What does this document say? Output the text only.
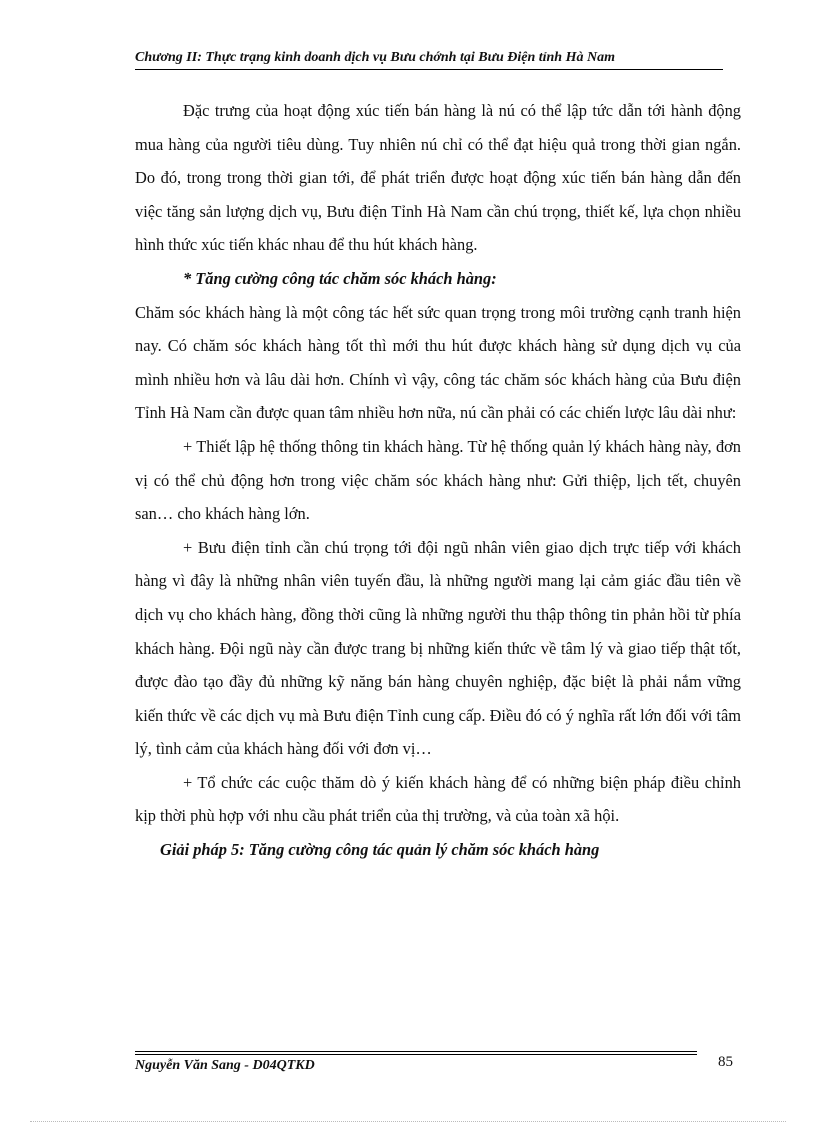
Chương II: Thực trạng kinh doanh dịch vụ Bưu chớnh tại Bưu Điện tỉnh Hà Nam

Đặc trưng của hoạt động xúc tiến bán hàng là nú có thể lập tức dẫn tới hành động mua hàng của người tiêu dùng. Tuy nhiên nú chỉ có thể đạt hiệu quả trong thời gian ngắn. Do đó, trong trong thời gian tới, để phát triển được hoạt động xúc tiến bán hàng dẫn đến việc tăng sản lượng dịch vụ, Bưu điện Tỉnh Hà Nam cần chú trọng, thiết kế, lựa chọn nhiều hình thức xúc tiến khác nhau để thu hút khách hàng.

* Tăng cường công tác chăm sóc khách hàng:

Chăm sóc khách hàng là một công tác hết sức quan trọng trong môi trường cạnh tranh hiện nay. Có chăm sóc khách hàng tốt thì mới thu hút được khách hàng sử dụng dịch vụ của mình nhiều hơn và lâu dài hơn. Chính vì vậy, công tác chăm sóc khách hàng của Bưu điện Tỉnh Hà Nam cần được quan tâm nhiều hơn nữa, nú cần phải có các chiến lược lâu dài như:

+ Thiết lập hệ thống thông tin khách hàng. Từ hệ thống quản lý khách hàng này, đơn vị có thể chủ động hơn trong việc chăm sóc khách hàng như: Gửi thiệp, lịch tết, chuyên san… cho khách hàng lớn.

+ Bưu điện tỉnh cần chú trọng tới đội ngũ nhân viên giao dịch trực tiếp với khách hàng vì đây là những nhân viên tuyến đầu, là những người mang lại cảm giác đầu tiên về dịch vụ cho khách hàng, đồng thời cũng là những người thu thập thông tin phản hồi từ phía khách hàng. Đội ngũ này cần được trang bị những kiến thức về tâm lý và giao tiếp thật tốt, được đào tạo đầy đủ những kỹ năng bán hàng chuyên nghiệp, đặc biệt là phải nắm vững kiến thức về các dịch vụ mà Bưu điện Tỉnh cung cấp. Điều đó có ý nghĩa rất lớn đối với tâm lý, tình cảm của khách hàng đối với đơn vị…

+ Tổ chức các cuộc thăm dò ý kiến khách hàng để có những biện pháp điều chỉnh kịp thời phù hợp với nhu cầu phát triển của thị trường, và của toàn xã hội.

Giải pháp 5: Tăng cường công tác quản lý chăm sóc khách hàng

Nguyễn Văn Sang - D04QTKD	85
